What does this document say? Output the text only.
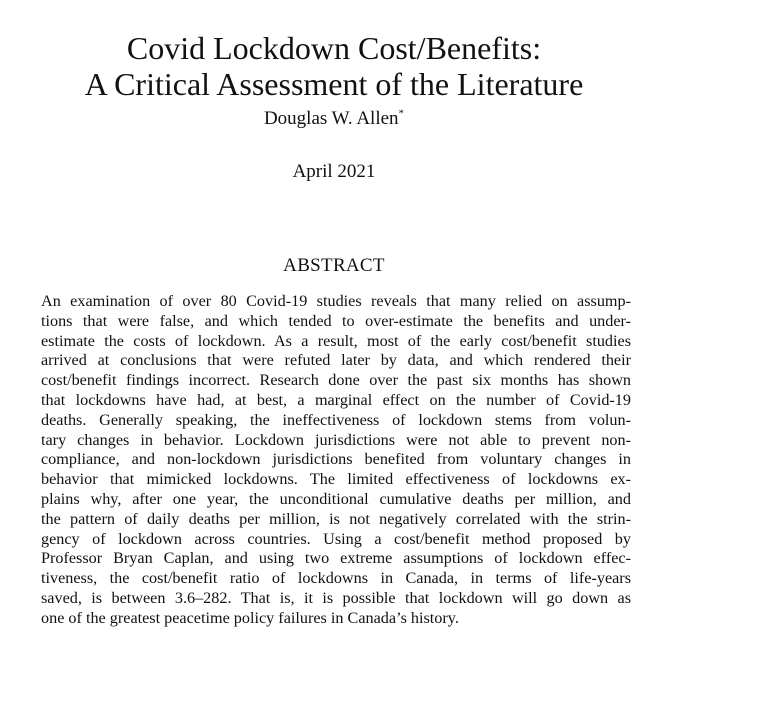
Covid Lockdown Cost/Benefits:
A Critical Assessment of the Literature
Douglas W. Allen*
April 2021
ABSTRACT
An examination of over 80 Covid-19 studies reveals that many relied on assump-
tions that were false, and which tended to over-estimate the benefits and under-
estimate the costs of lockdown. As a result, most of the early cost/benefit studies
arrived at conclusions that were refuted later by data, and which rendered their
cost/benefit findings incorrect. Research done over the past six months has shown
that lockdowns have had, at best, a marginal effect on the number of Covid-19
deaths. Generally speaking, the ineffectiveness of lockdown stems from volun-
tary changes in behavior. Lockdown jurisdictions were not able to prevent non-
compliance, and non-lockdown jurisdictions benefited from voluntary changes in
behavior that mimicked lockdowns. The limited effectiveness of lockdowns ex-
plains why, after one year, the unconditional cumulative deaths per million, and
the pattern of daily deaths per million, is not negatively correlated with the strin-
gency of lockdown across countries. Using a cost/benefit method proposed by
Professor Bryan Caplan, and using two extreme assumptions of lockdown effec-
tiveness, the cost/benefit ratio of lockdowns in Canada, in terms of life-years
saved, is between 3.6–282. That is, it is possible that lockdown will go down as
one of the greatest peacetime policy failures in Canada’s history.
